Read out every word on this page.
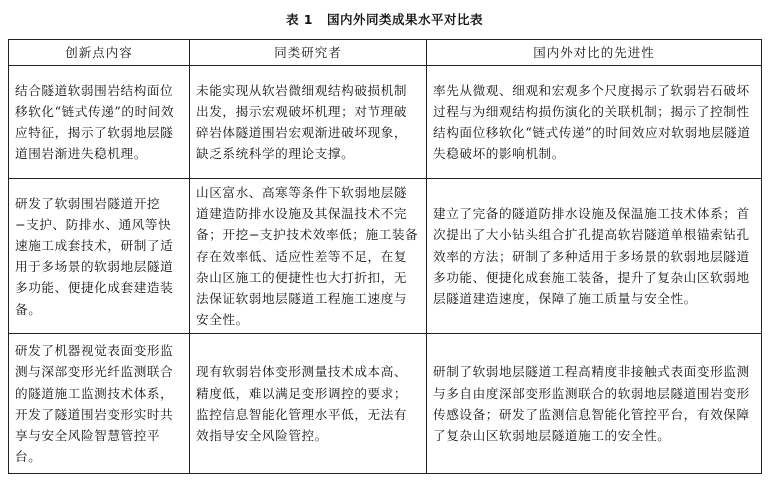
表 1 国内外同类成果水平对比表
创新点内容	同类研究者	国内外对比的先进性
结合隧道软弱围岩结构面位移软化“链式传递”的时间效应特征，揭示了软弱地层隧道围岩渐进失稳机理。	未能实现从软岩微细观结构破损机制出发，揭示宏观破坏机理；对节理破碎岩体隧道围岩宏观渐进破坏现象，缺乏系统科学的理论支撑。	率先从微观、细观和宏观多个尺度揭示了软弱岩石破坏过程与为细观结构损伤演化的关联机制；揭示了控制性结构面位移软化“链式传递”的时间效应对软弱地层隧道失稳破坏的影响机制。
研发了软弱围岩隧道开挖−支护、防排水、通风等快速施工成套技术，研制了适用于多场景的软弱地层隧道多功能、便捷化成套建造装备。	山区富水、高寒等条件下软弱地层隧道建造防排水设施及其保温技术不完备；开挖−支护技术效率低；施工装备存在效率低、适应性差等不足，在复杂山区施工的便捷性也大打折扣，无法保证软弱地层隧道工程施工速度与安全性。	建立了完备的隧道防排水设施及保温施工技术体系；首次提出了大小钻头组合扩孔提高软岩隧道单根锚索钻孔效率的方法；研制了多种适用于多场景的软弱地层隧道多功能、便捷化成套施工装备，提升了复杂山区软弱地层隧道建造速度，保障了施工质量与安全性。
研发了机器视觉表面变形监测与深部变形光纤监测联合的隧道施工监测技术体系，开发了隧道围岩变形实时共享与安全风险智慧管控平台。	现有软弱岩体变形测量技术成本高、精度低，难以满足变形调控的要求；监控信息智能化管理水平低，无法有效指导安全风险管控。	研制了软弱地层隧道工程高精度非接触式表面变形监测与多自由度深部变形监测联合的软弱地层隧道围岩变形传感设备；研发了监测信息智能化管控平台，有效保障了复杂山区软弱地层隧道施工的安全性。
